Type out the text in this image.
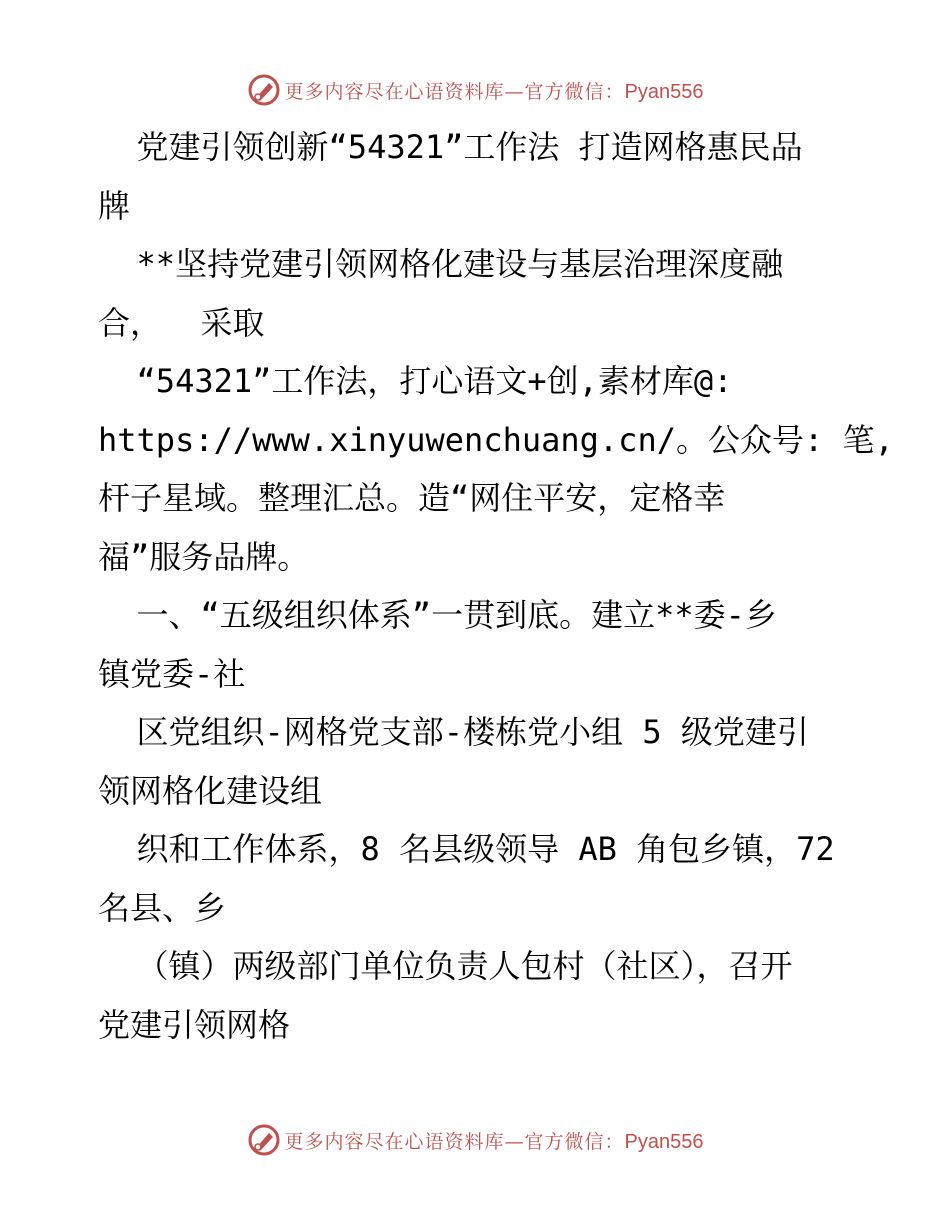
更多内容尽在心语资料库—官方微信：Pyan556
党建引领创新“54321”工作法 打造网格惠民品
牌
**坚持党建引领网格化建设与基层治理深度融
合，  采取
“54321”工作法，打心语文+创,素材库@:
https://www.xinyuwenchuang.cn/。公众号: 笔,
杆子星域。整理汇总。造“网住平安，定格幸
福”服务品牌。
一、“五级组织体系”一贯到底。建立**委-乡
镇党委-社
区党组织-网格党支部-楼栋党小组 5 级党建引
领网格化建设组
织和工作体系，8 名县级领导 AB 角包乡镇，72
名县、乡
（镇）两级部门单位负责人包村（社区），召开
党建引领网格
更多内容尽在心语资料库—官方微信：Pyan556
